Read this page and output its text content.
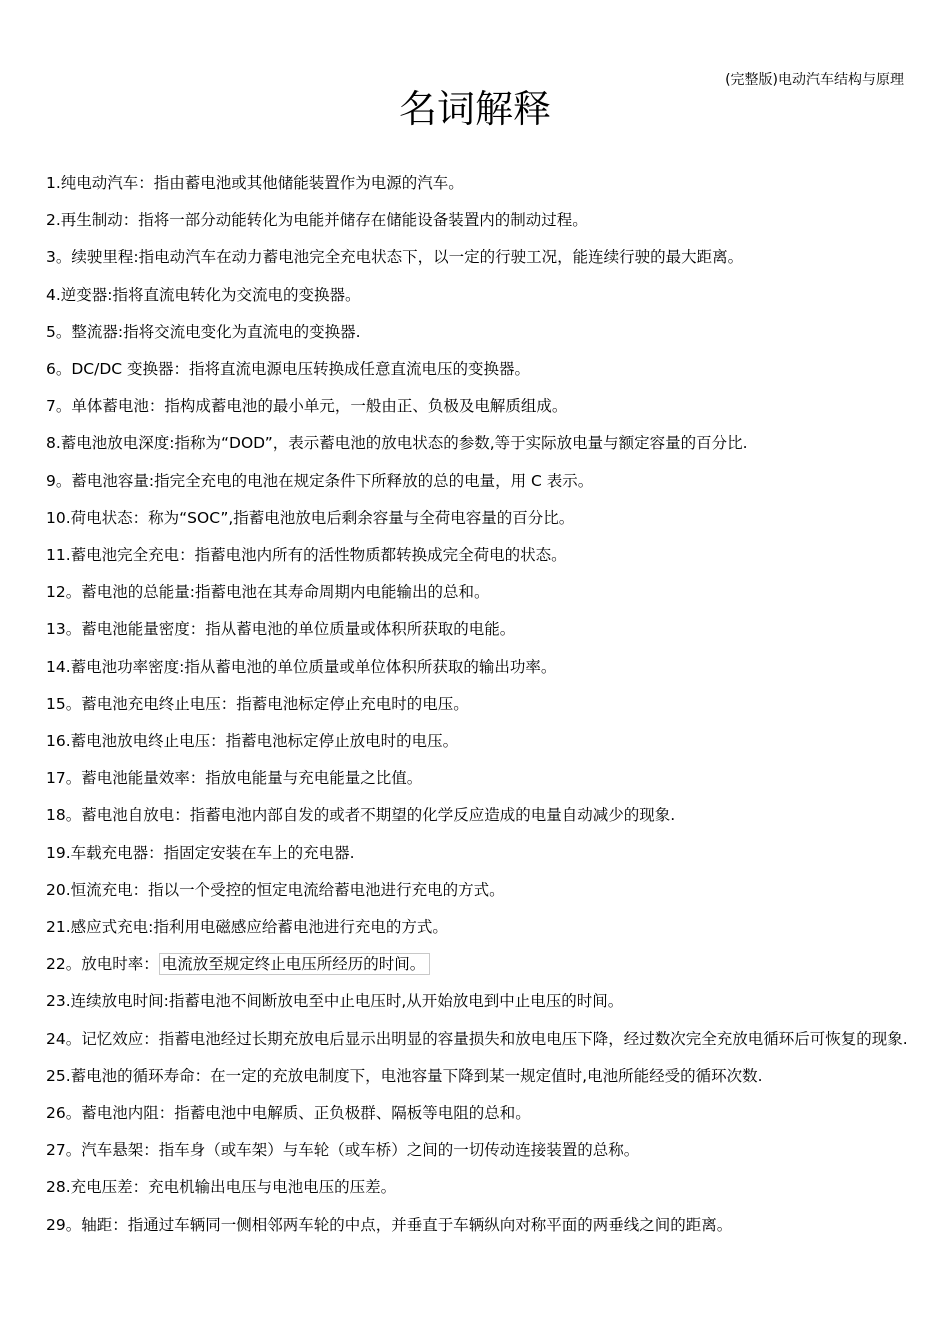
(完整版)电动汽车结构与原理
名词解释
1.纯电动汽车：指由蓄电池或其他储能装置作为电源的汽车。
2.再生制动：指将一部分动能转化为电能并储存在储能设备装置内的制动过程。
3。续驶里程:指电动汽车在动力蓄电池完全充电状态下，以一定的行驶工况，能连续行驶的最大距离。
4.逆变器:指将直流电转化为交流电的变换器。
5。整流器:指将交流电变化为直流电的变换器.
6。DC/DC 变换器：指将直流电源电压转换成任意直流电压的变换器。
7。单体蓄电池：指构成蓄电池的最小单元，一般由正、负极及电解质组成。
8.蓄电池放电深度:指称为“DOD”，表示蓄电池的放电状态的参数,等于实际放电量与额定容量的百分比.
9。蓄电池容量:指完全充电的电池在规定条件下所释放的总的电量，用 C 表示。
10.荷电状态：称为“SOC”,指蓄电池放电后剩余容量与全荷电容量的百分比。
11.蓄电池完全充电：指蓄电池内所有的活性物质都转换成完全荷电的状态。
12。蓄电池的总能量:指蓄电池在其寿命周期内电能输出的总和。
13。蓄电池能量密度：指从蓄电池的单位质量或体积所获取的电能。
14.蓄电池功率密度:指从蓄电池的单位质量或单位体积所获取的输出功率。
15。蓄电池充电终止电压：指蓄电池标定停止充电时的电压。
16.蓄电池放电终止电压：指蓄电池标定停止放电时的电压。
17。蓄电池能量效率：指放电能量与充电能量之比值。
18。蓄电池自放电：指蓄电池内部自发的或者不期望的化学反应造成的电量自动减少的现象.
19.车载充电器：指固定安装在车上的充电器.
20.恒流充电：指以一个受控的恒定电流给蓄电池进行充电的方式。
21.感应式充电:指利用电磁感应给蓄电池进行充电的方式。
22。放电时率： 电流放至规定终止电压所经历的时间。
23.连续放电时间:指蓄电池不间断放电至中止电压时,从开始放电到中止电压的时间。
24。记忆效应：指蓄电池经过长期充放电后显示出明显的容量损失和放电电压下降，经过数次完全充放电循环后可恢复的现象.
25.蓄电池的循环寿命：在一定的充放电制度下，电池容量下降到某一规定值时,电池所能经受的循环次数.
26。蓄电池内阻：指蓄电池中电解质、正负极群、隔板等电阻的总和。
27。汽车悬架：指车身（或车架）与车轮（或车桥）之间的一切传动连接装置的总称。
28.充电压差：充电机输出电压与电池电压的压差。
29。轴距：指通过车辆同一侧相邻两车轮的中点，并垂直于车辆纵向对称平面的两垂线之间的距离。
